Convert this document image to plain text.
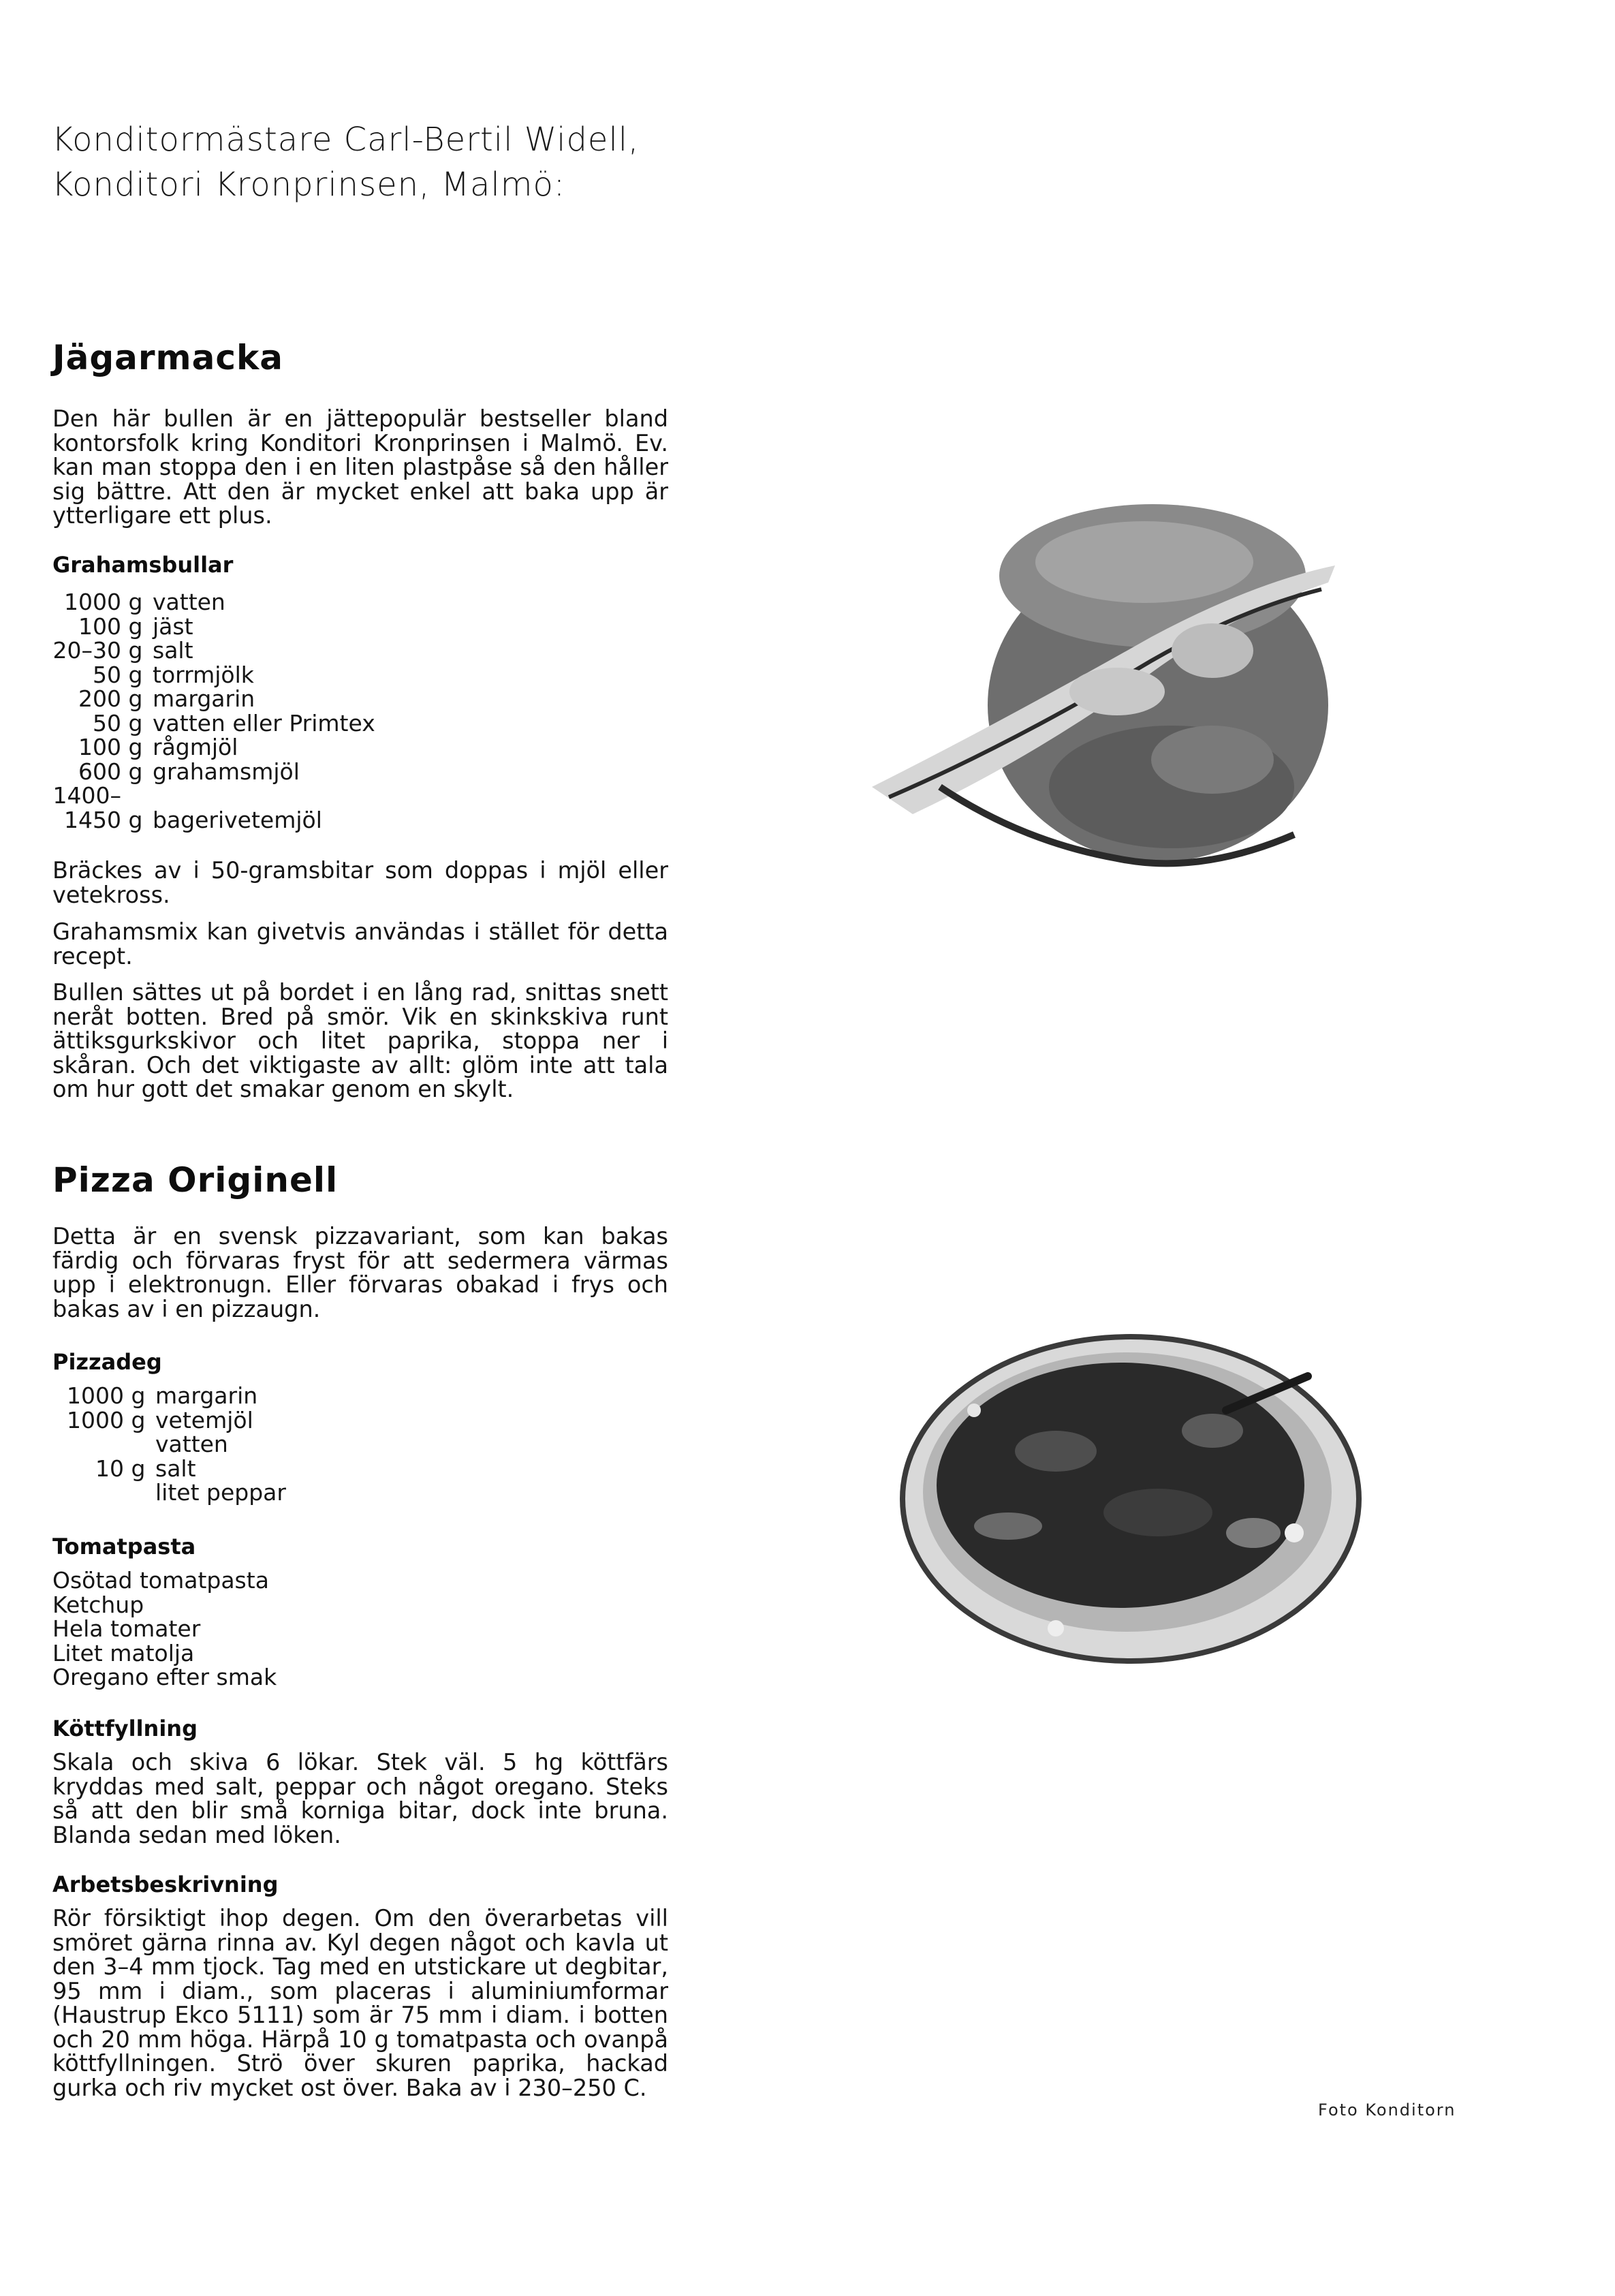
Konditormästare Carl-Bertil Widell,
Konditori Kronprinsen, Malmö:
Jägarmacka
Den här bullen är en jättepopulär bestseller bland kontorsfolk kring Konditori Kronprinsen i Malmö. Ev. kan man stoppa den i en liten plastpåse så den håller sig bättre. Att den är mycket enkel att baka upp är ytterligare ett plus.
Grahamsbullar
1000 g vatten
100 g jäst
20–30 g salt
50 g torrmjölk
200 g margarin
50 g vatten eller Primtex
100 g rågmjöl
600 g grahamsmjöl
1400–
1450 g bagerivetemjöl
Bräckes av i 50-gramsbitar som doppas i mjöl eller vetekross.
Grahamsmix kan givetvis användas i stället för detta recept.
Bullen sättes ut på bordet i en lång rad, snittas snett neråt botten. Bred på smör. Vik en skinkskiva runt ättiksgurkskivor och litet paprika, stoppa ner i skåran. Och det viktigaste av allt: glöm inte att tala om hur gott det smakar genom en skylt.
Pizza Originell
Detta är en svensk pizzavariant, som kan bakas färdig och förvaras fryst för att sedermera värmas upp i elektronugn. Eller förvaras obakad i frys och bakas av i en pizzaugn.
Pizzadeg
1000 g margarin
1000 g vetemjöl
vatten
10 g salt
litet peppar
Tomatpasta
Osötad tomatpasta
Ketchup
Hela tomater
Litet matolja
Oregano efter smak
Köttfyllning
Skala och skiva 6 lökar. Stek väl. 5 hg köttfärs kryddas med salt, peppar och något oregano. Steks så att den blir små korniga bitar, dock inte bruna. Blanda sedan med löken.
Arbetsbeskrivning
Rör försiktigt ihop degen. Om den överarbetas vill smöret gärna rinna av. Kyl degen något och kavla ut den 3–4 mm tjock. Tag med en utstickare ut degbitar, 95 mm i diam., som placeras i aluminiumformar (Haustrup Ekco 5111) som är 75 mm i diam. i botten och 20 mm höga. Härpå 10 g tomatpasta och ovanpå köttfyllningen. Strö över skuren paprika, hackad gurka och riv mycket ost över. Baka av i 230–250 C.
Foto Konditorn
